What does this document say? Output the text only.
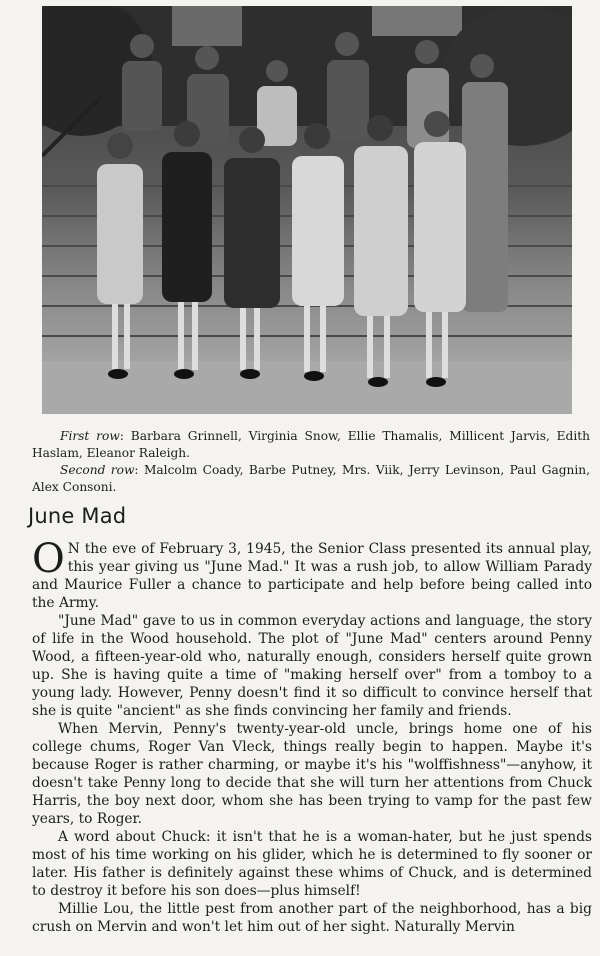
First row: Barbara Grinnell, Virginia Snow, Ellie Thamalis, Millicent Jarvis, Edith Haslam, Eleanor Raleigh.

Second row: Malcolm Coady, Barbe Putney, Mrs. Viik, Jerry Levinson, Paul Gagnin, Alex Consoni.

June Mad

O N the eve of February 3, 1945, the Senior Class presented its annual play, this year giving us "June Mad." It was a rush job, to allow William Parady and Maurice Fuller a chance to participate and help before being called into the Army.

"June Mad" gave to us in common everyday actions and language, the story of life in the Wood household. The plot of "June Mad" centers around Penny Wood, a fifteen-year-old who, naturally enough, considers herself quite grown up. She is having quite a time of "making herself over" from a tomboy to a young lady. However, Penny doesn't find it so difficult to convince herself that she is quite "ancient" as she finds convincing her family and friends.

When Mervin, Penny's twenty-year-old uncle, brings home one of his college chums, Roger Van Vleck, things really begin to happen. Maybe it's because Roger is rather charming, or maybe it's his "wolffishness"—anyhow, it doesn't take Penny long to decide that she will turn her attentions from Chuck Harris, the boy next door, whom she has been trying to vamp for the past few years, to Roger.

A word about Chuck: it isn't that he is a woman-hater, but he just spends most of his time working on his glider, which he is determined to fly sooner or later. His father is definitely against these whims of Chuck, and is determined to destroy it before his son does—plus himself!

Millie Lou, the little pest from another part of the neighborhood, has a big crush on Mervin and won't let him out of her sight. Naturally Mervin
